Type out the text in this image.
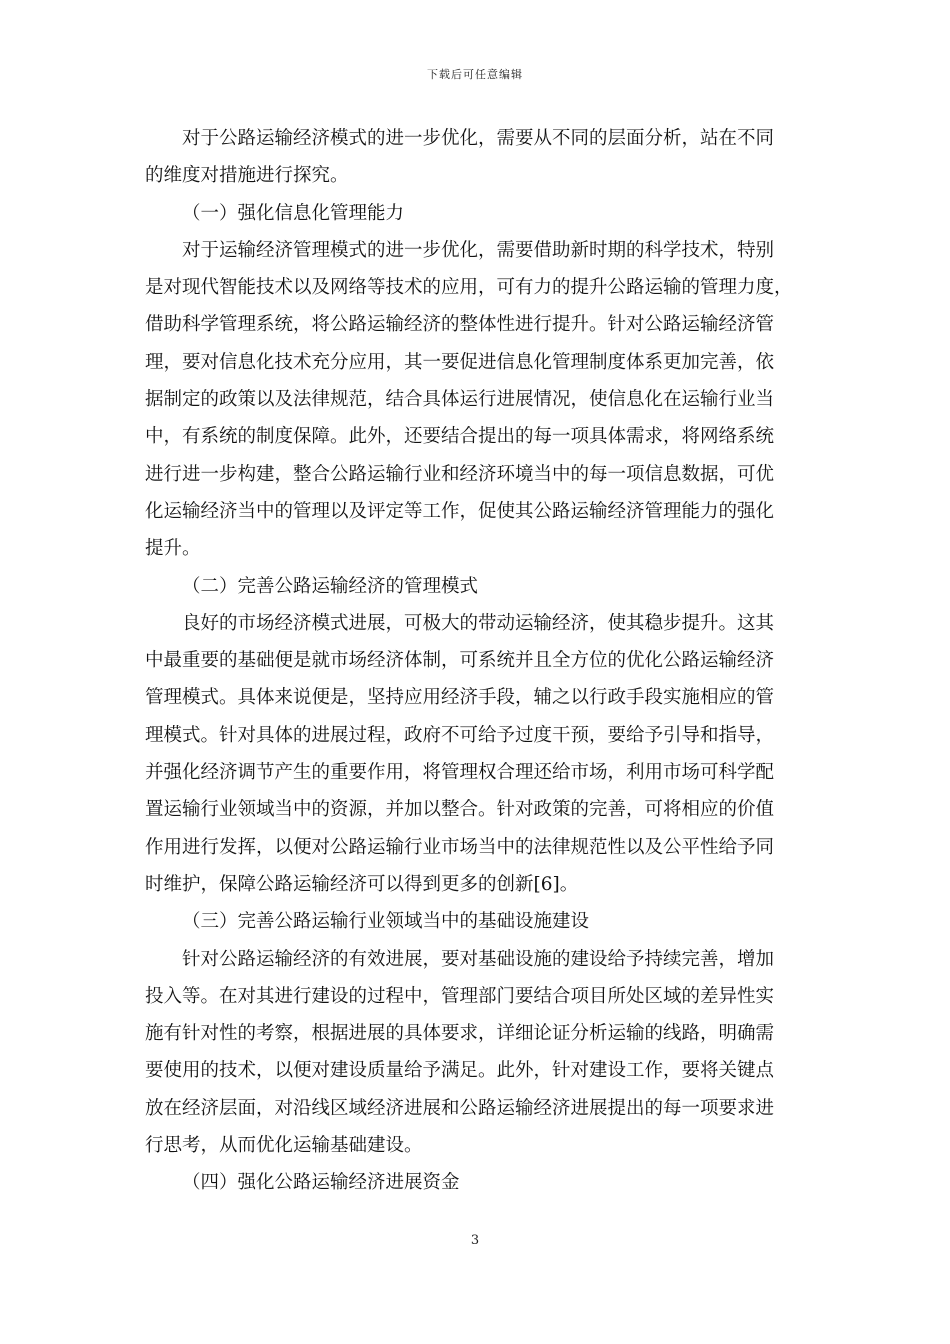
下载后可任意编辑
对于公路运输经济模式的进一步优化，需要从不同的层面分析，站在不同
的维度对措施进行探究。
（一）强化信息化管理能力
对于运输经济管理模式的进一步优化，需要借助新时期的科学技术，特别
是对现代智能技术以及网络等技术的应用，可有力的提升公路运输的管理力度，
借助科学管理系统，将公路运输经济的整体性进行提升。针对公路运输经济管
理，要对信息化技术充分应用，其一要促进信息化管理制度体系更加完善，依
据制定的政策以及法律规范，结合具体运行进展情况，使信息化在运输行业当
中，有系统的制度保障。此外，还要结合提出的每一项具体需求，将网络系统
进行进一步构建，整合公路运输行业和经济环境当中的每一项信息数据，可优
化运输经济当中的管理以及评定等工作，促使其公路运输经济管理能力的强化
提升。
（二）完善公路运输经济的管理模式
良好的市场经济模式进展，可极大的带动运输经济，使其稳步提升。这其
中最重要的基础便是就市场经济体制，可系统并且全方位的优化公路运输经济
管理模式。具体来说便是，坚持应用经济手段，辅之以行政手段实施相应的管
理模式。针对具体的进展过程，政府不可给予过度干预，要给予引导和指导，
并强化经济调节产生的重要作用，将管理权合理还给市场，利用市场可科学配
置运输行业领域当中的资源，并加以整合。针对政策的完善，可将相应的价值
作用进行发挥，以便对公路运输行业市场当中的法律规范性以及公平性给予同
时维护，保障公路运输经济可以得到更多的创新[6]。
（三）完善公路运输行业领域当中的基础设施建设
针对公路运输经济的有效进展，要对基础设施的建设给予持续完善，增加
投入等。在对其进行建设的过程中，管理部门要结合项目所处区域的差异性实
施有针对性的考察，根据进展的具体要求，详细论证分析运输的线路，明确需
要使用的技术，以便对建设质量给予满足。此外，针对建设工作，要将关键点
放在经济层面，对沿线区域经济进展和公路运输经济进展提出的每一项要求进
行思考，从而优化运输基础建设。
（四）强化公路运输经济进展资金
3
